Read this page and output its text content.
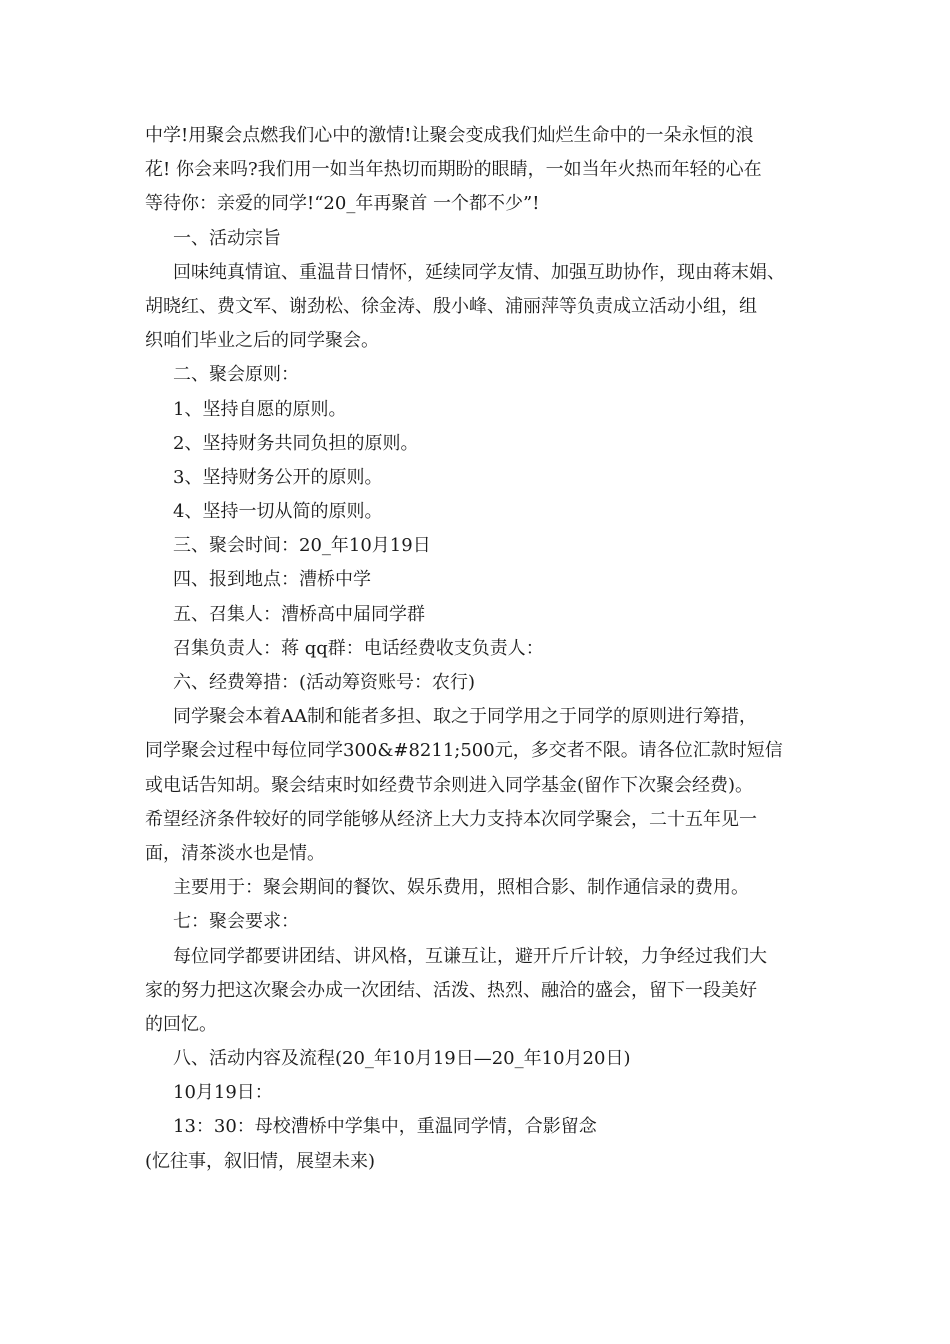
中学!用聚会点燃我们心中的激情!让聚会变成我们灿烂生命中的一朵永恒的浪
花! 你会来吗?我们用一如当年热切而期盼的眼睛，一如当年火热而年轻的心在
等待你：亲爱的同学!“20_年再聚首 一个都不少”!
一、活动宗旨
回味纯真情谊、重温昔日情怀，延续同学友情、加强互助协作，现由蒋末娟、
胡晓红、费文军、谢劲松、徐金涛、殷小峰、浦丽萍等负责成立活动小组，组
织咱们毕业之后的同学聚会。
二、聚会原则：
1、坚持自愿的原则。
2、坚持财务共同负担的原则。
3、坚持财务公开的原则。
4、坚持一切从简的原则。
三、聚会时间：20_年10月19日
四、报到地点：漕桥中学
五、召集人：漕桥高中届同学群
召集负责人：蒋 qq群：电话经费收支负责人：
六、经费筹措：(活动筹资账号：农行)
同学聚会本着AA制和能者多担、取之于同学用之于同学的原则进行筹措，
同学聚会过程中每位同学300&#8211;500元，多交者不限。请各位汇款时短信
或电话告知胡。聚会结束时如经费节余则进入同学基金(留作下次聚会经费)。
希望经济条件较好的同学能够从经济上大力支持本次同学聚会，二十五年见一
面，清茶淡水也是情。
主要用于：聚会期间的餐饮、娱乐费用，照相合影、制作通信录的费用。
七：聚会要求：
每位同学都要讲团结、讲风格，互谦互让，避开斤斤计较，力争经过我们大
家的努力把这次聚会办成一次团结、活泼、热烈、融洽的盛会，留下一段美好
的回忆。
八、活动内容及流程(20_年10月19日—20_年10月20日)
10月19日：
13：30：母校漕桥中学集中，重温同学情，合影留念
(忆往事，叙旧情，展望未来)
